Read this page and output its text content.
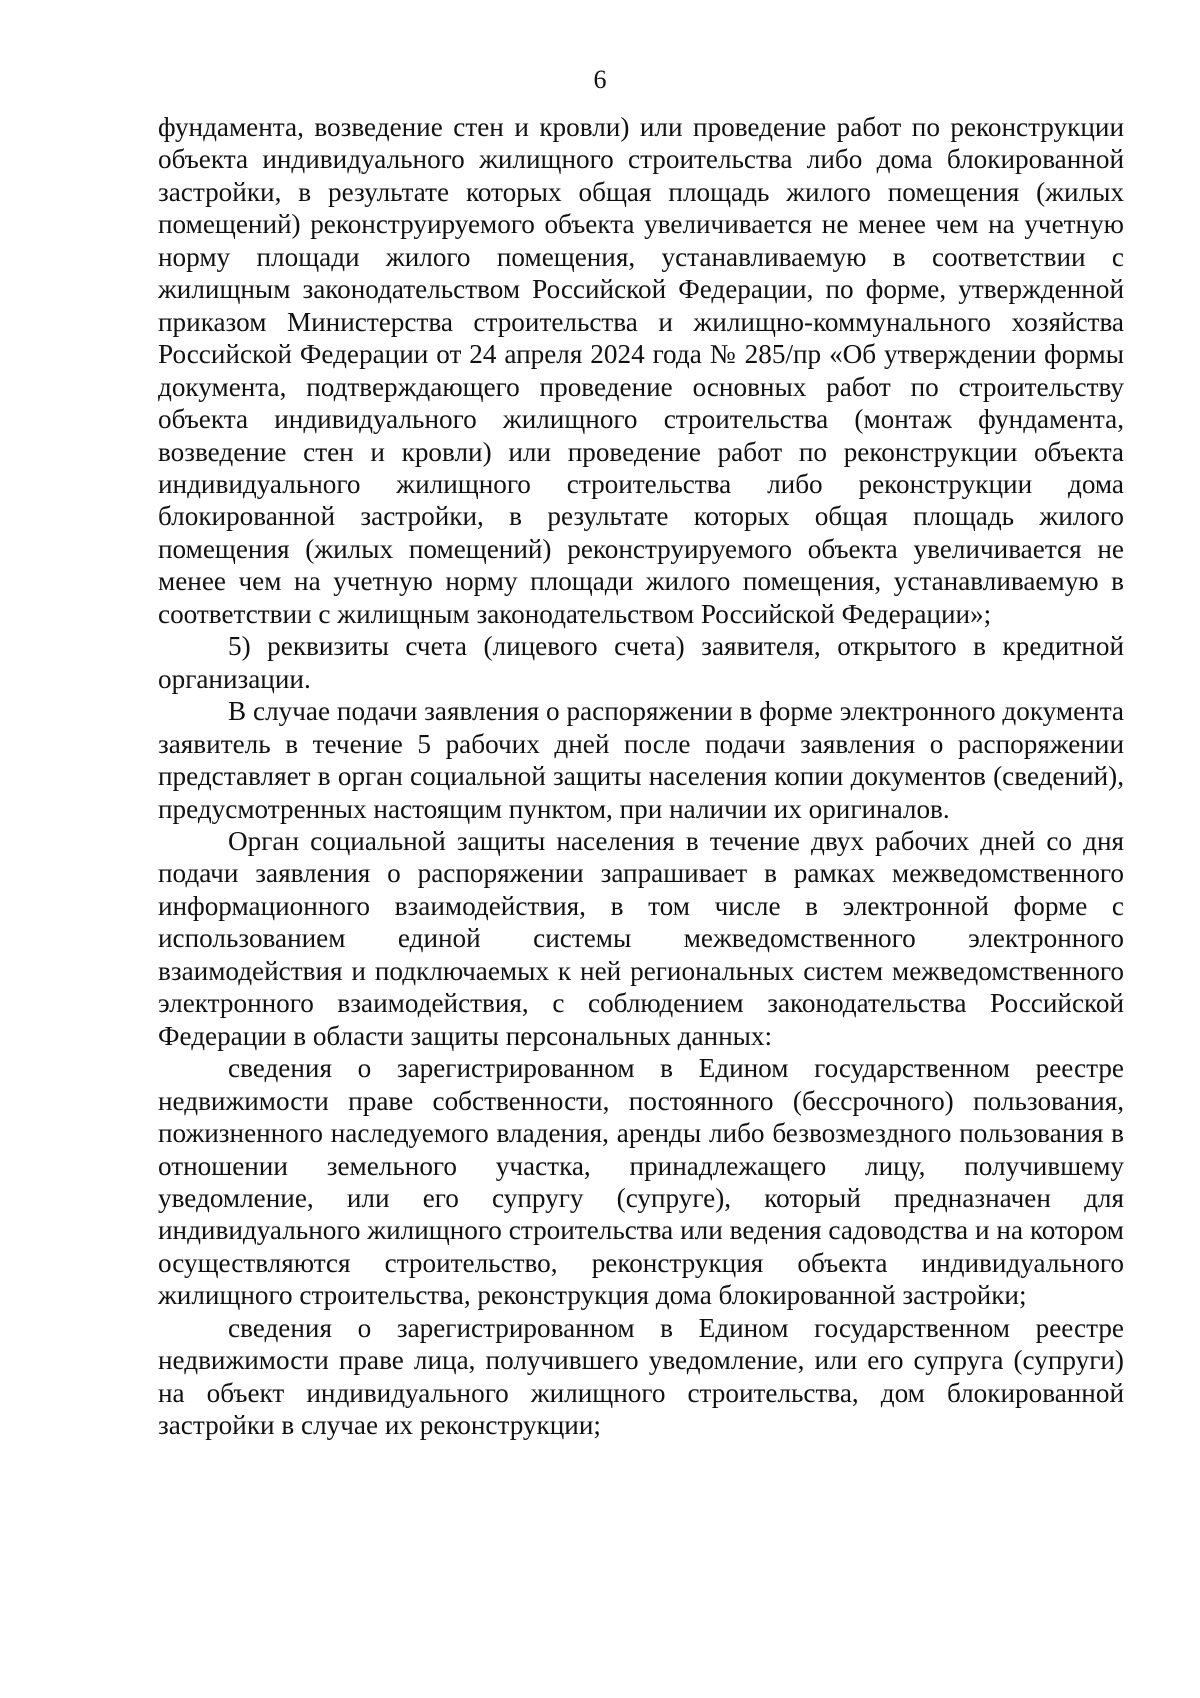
6

фундамента, возведение стен и кровли) или проведение работ по реконструкции объекта индивидуального жилищного строительства либо дома блокированной застройки, в результате которых общая площадь жилого помещения (жилых помещений) реконструируемого объекта увеличивается не менее чем на учетную норму площади жилого помещения, устанавливаемую в соответствии с жилищным законодательством Российской Федерации, по форме, утвержденной приказом Министерства строительства и жилищно-коммунального хозяйства Российской Федерации от 24 апреля 2024 года № 285/пр «Об утверждении формы документа, подтверждающего проведение основных работ по строительству объекта индивидуального жилищного строительства (монтаж фундамента, возведение стен и кровли) или проведение работ по реконструкции объекта индивидуального жилищного строительства либо реконструкции дома блокированной застройки, в результате которых общая площадь жилого помещения (жилых помещений) реконструируемого объекта увеличивается не менее чем на учетную норму площади жилого помещения, устанавливаемую в соответствии с жилищным законодательством Российской Федерации»;

5) реквизиты счета (лицевого счета) заявителя, открытого в кредитной организации.

В случае подачи заявления о распоряжении в форме электронного документа заявитель в течение 5 рабочих дней после подачи заявления о распоряжении представляет в орган социальной защиты населения копии документов (сведений), предусмотренных настоящим пунктом, при наличии их оригиналов.

Орган социальной защиты населения в течение двух рабочих дней со дня подачи заявления о распоряжении запрашивает в рамках межведомственного информационного взаимодействия, в том числе в электронной форме с использованием единой системы межведомственного электронного взаимодействия и подключаемых к ней региональных систем межведомственного электронного взаимодействия, с соблюдением законодательства Российской Федерации в области защиты персональных данных:

сведения о зарегистрированном в Едином государственном реестре недвижимости праве собственности, постоянного (бессрочного) пользования, пожизненного наследуемого владения, аренды либо безвозмездного пользования в отношении земельного участка, принадлежащего лицу, получившему уведомление, или его супругу (супруге), который предназначен для индивидуального жилищного строительства или ведения садоводства и на котором осуществляются строительство, реконструкция объекта индивидуального жилищного строительства, реконструкция дома блокированной застройки;

сведения о зарегистрированном в Едином государственном реестре недвижимости праве лица, получившего уведомление, или его супруга (супруги) на объект индивидуального жилищного строительства, дом блокированной застройки в случае их реконструкции;
